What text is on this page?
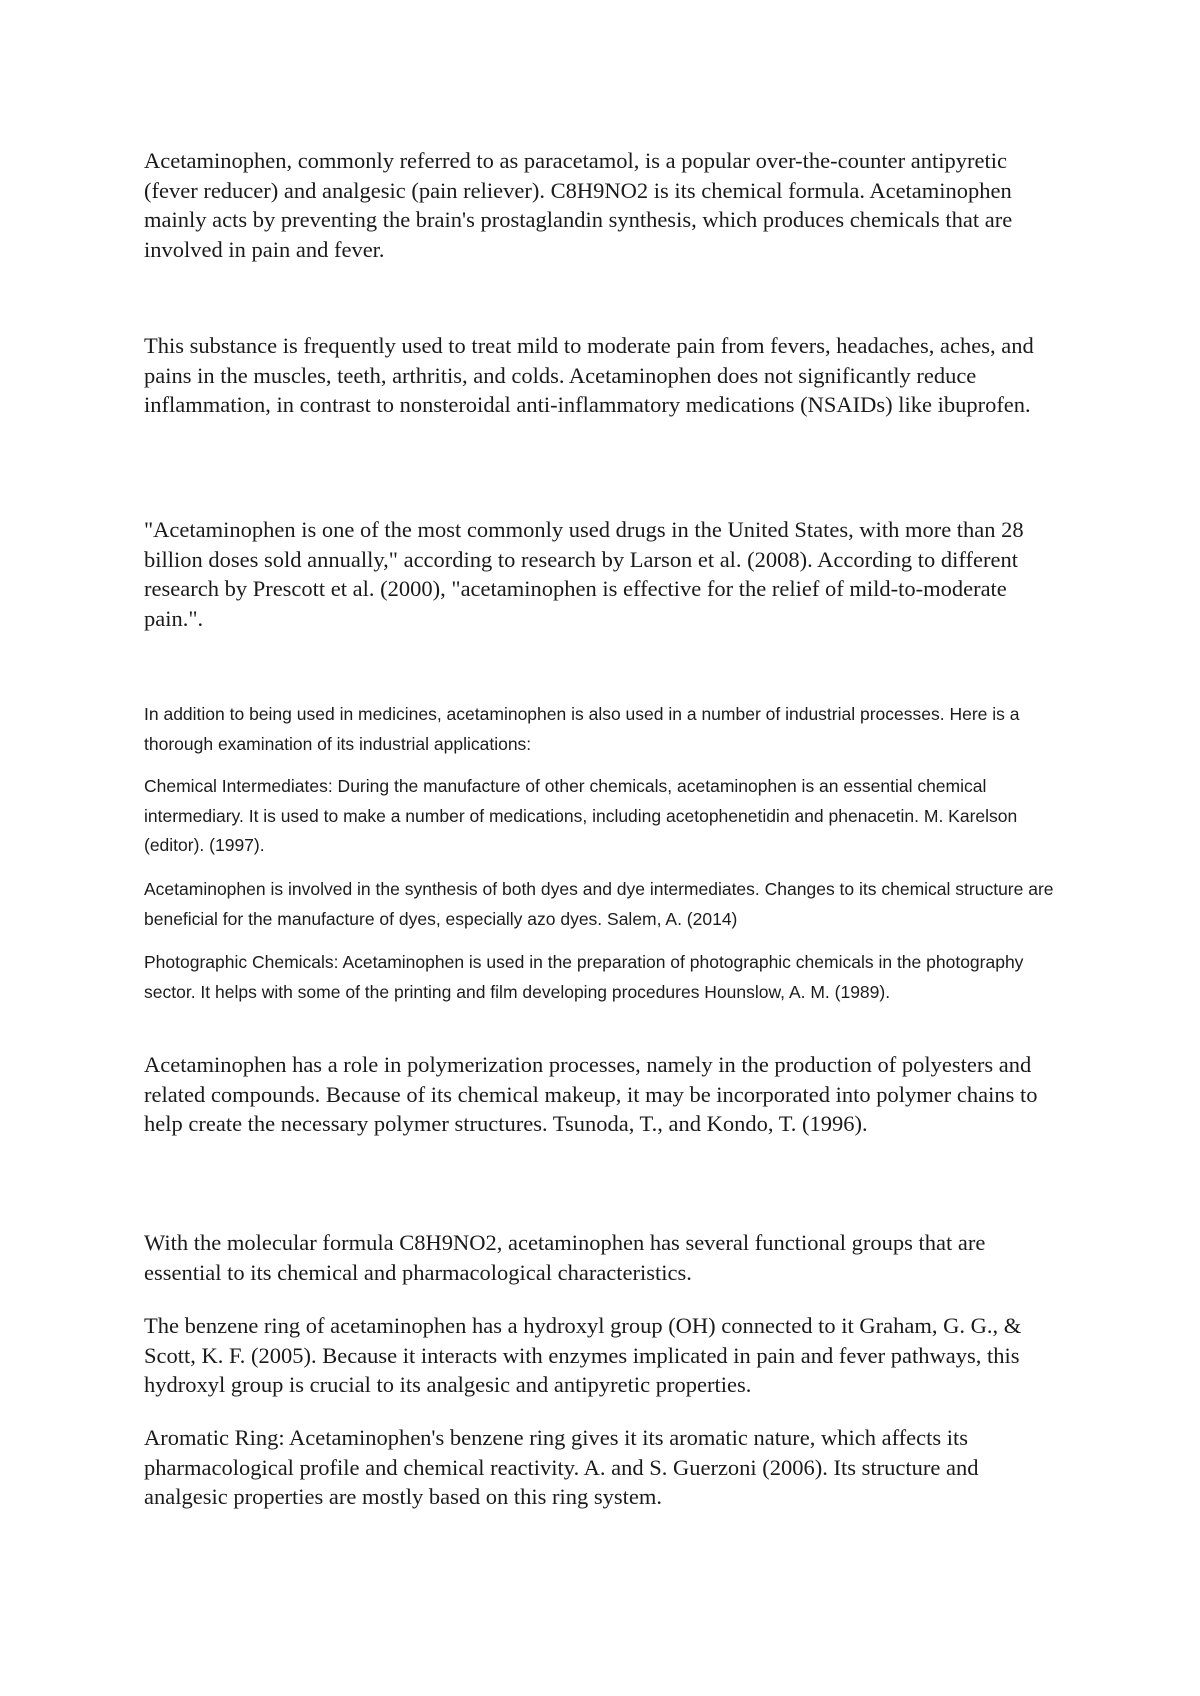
Acetaminophen, commonly referred to as paracetamol, is a popular over-the-counter antipyretic (fever reducer) and analgesic (pain reliever). C8H9NO2 is its chemical formula. Acetaminophen mainly acts by preventing the brain's prostaglandin synthesis, which produces chemicals that are involved in pain and fever.

This substance is frequently used to treat mild to moderate pain from fevers, headaches, aches, and pains in the muscles, teeth, arthritis, and colds. Acetaminophen does not significantly reduce inflammation, in contrast to nonsteroidal anti-inflammatory medications (NSAIDs) like ibuprofen.

"Acetaminophen is one of the most commonly used drugs in the United States, with more than 28 billion doses sold annually," according to research by Larson et al. (2008). According to different research by Prescott et al. (2000), "acetaminophen is effective for the relief of mild-to-moderate pain.".

In addition to being used in medicines, acetaminophen is also used in a number of industrial processes. Here is a thorough examination of its industrial applications:

Chemical Intermediates: During the manufacture of other chemicals, acetaminophen is an essential chemical intermediary. It is used to make a number of medications, including acetophenetidin and phenacetin. M. Karelson (editor). (1997).

Acetaminophen is involved in the synthesis of both dyes and dye intermediates. Changes to its chemical structure are beneficial for the manufacture of dyes, especially azo dyes. Salem, A. (2014)

Photographic Chemicals: Acetaminophen is used in the preparation of photographic chemicals in the photography sector. It helps with some of the printing and film developing procedures Hounslow, A. M. (1989).

Acetaminophen has a role in polymerization processes, namely in the production of polyesters and related compounds. Because of its chemical makeup, it may be incorporated into polymer chains to help create the necessary polymer structures. Tsunoda, T., and Kondo, T. (1996).

With the molecular formula C8H9NO2, acetaminophen has several functional groups that are essential to its chemical and pharmacological characteristics.

The benzene ring of acetaminophen has a hydroxyl group (OH) connected to it Graham, G. G., & Scott, K. F. (2005). Because it interacts with enzymes implicated in pain and fever pathways, this hydroxyl group is crucial to its analgesic and antipyretic properties.

Aromatic Ring: Acetaminophen's benzene ring gives it its aromatic nature, which affects its pharmacological profile and chemical reactivity. A. and S. Guerzoni (2006). Its structure and analgesic properties are mostly based on this ring system.
